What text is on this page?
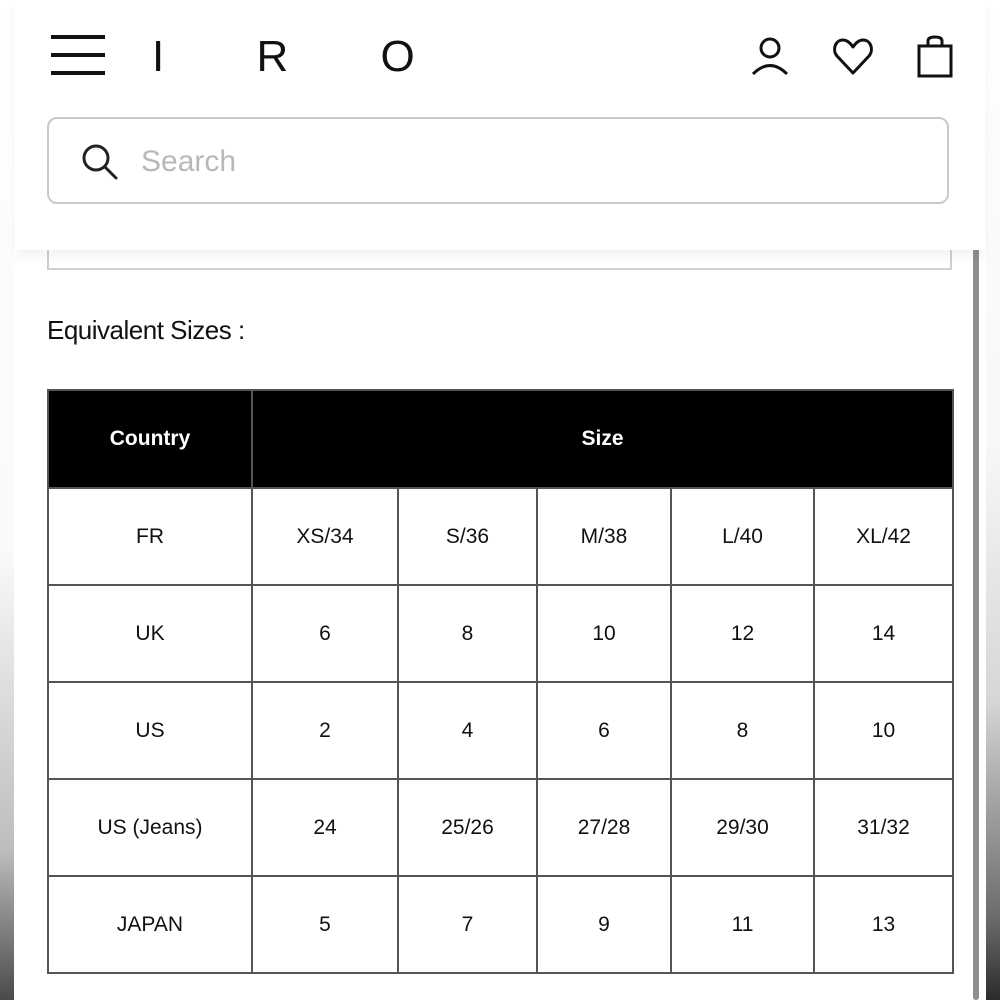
I R O
Search
Equivalent Sizes :
Country	Size				
FR	XS/34	S/36	M/38	L/40	XL/42
UK	6	8	10	12	14
US	2	4	6	8	10
US (Jeans)	24	25/26	27/28	29/30	31/32
JAPAN	5	7	9	11	13
